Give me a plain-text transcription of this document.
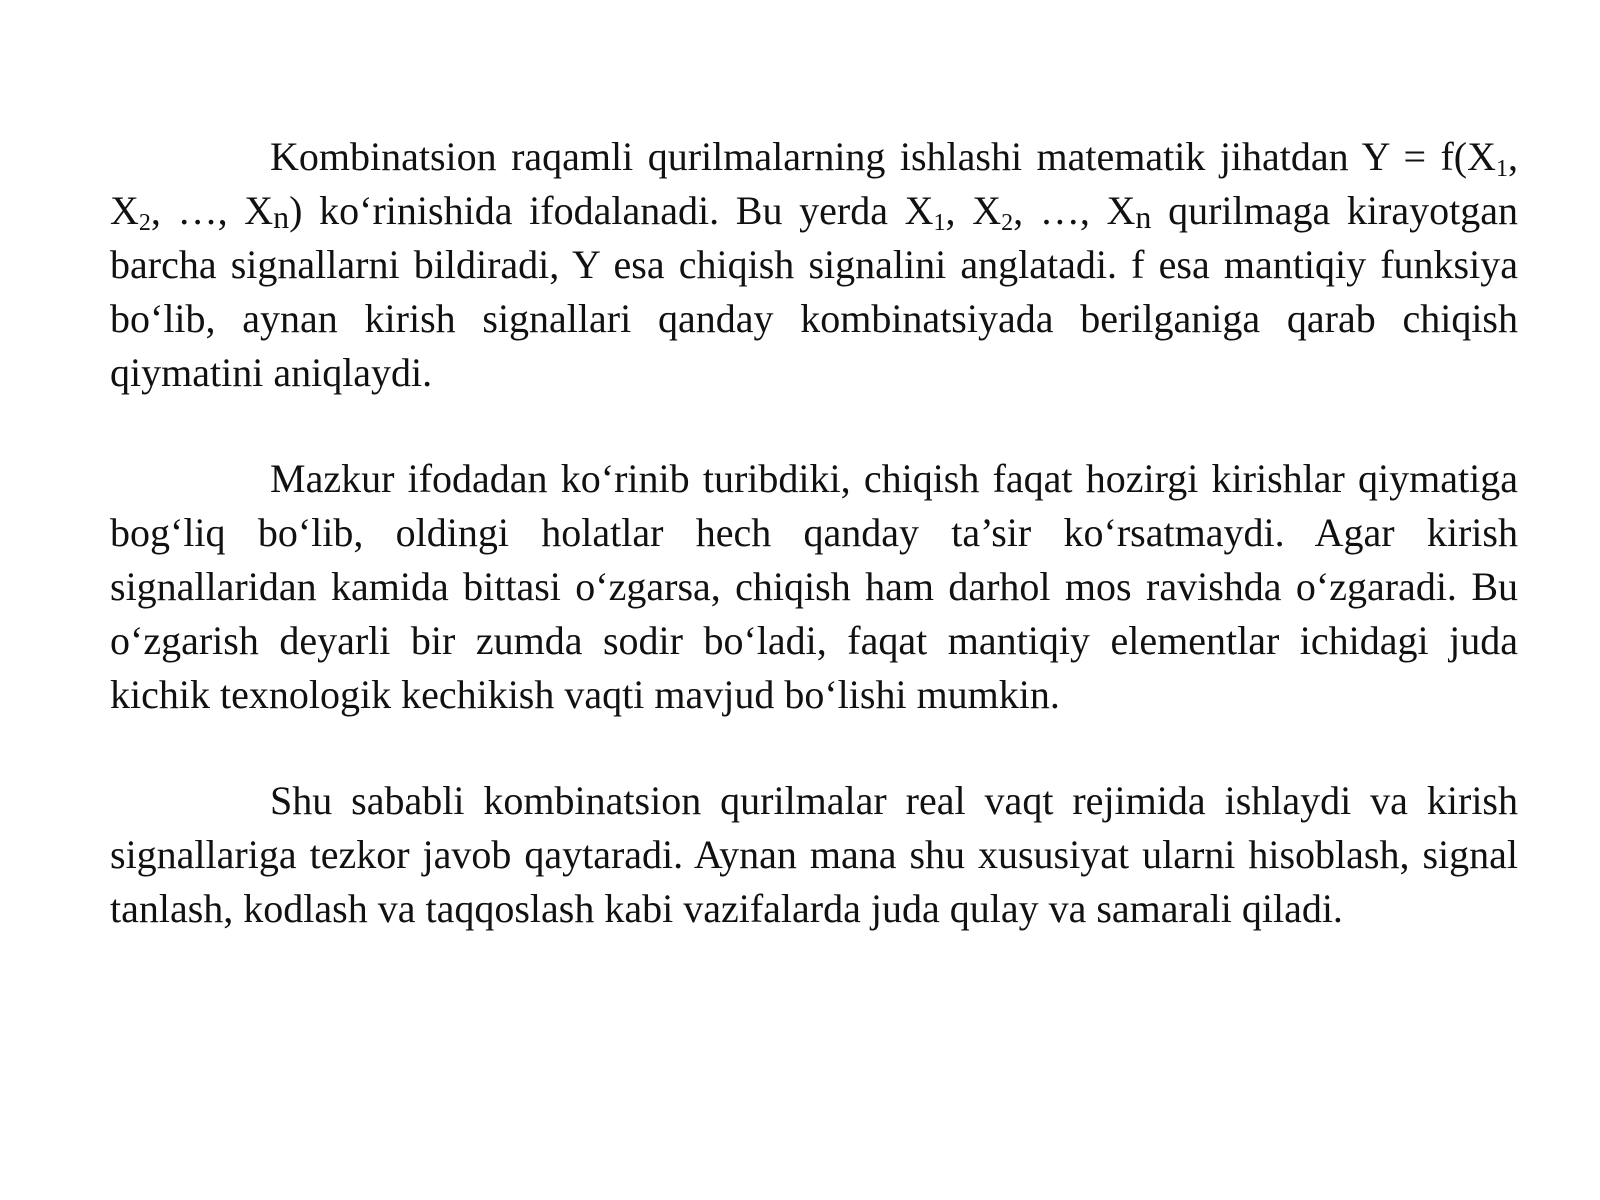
Kombinatsion raqamli qurilmalarning ishlashi matematik jihatdan $Y = f(X_1$, $X_2$, …, Xn) ko‘rinishida ifodalanadi. Bu yerda $X_1$, $X_2$, …, Xn qurilmaga kirayotgan barcha signallarni bildiradi, Y esa chiqish signalini anglatadi. f esa mantiqiy funksiya bo‘lib, aynan kirish signallari qanday kombinatsiyada berilganiga qarab chiqish qiymatini aniqlaydi.

Mazkur ifodadan ko‘rinib turibdiki, chiqish faqat hozirgi kirishlar qiymatiga bog‘liq bo‘lib, oldingi holatlar hech qanday ta’sir ko‘rsatmaydi. Agar kirish signallaridan kamida bittasi o‘zgarsa, chiqish ham darhol mos ravishda o‘zgaradi. Bu o‘zgarish deyarli bir zumda sodir bo‘ladi, faqat mantiqiy elementlar ichidagi juda kichik texnologik kechikish vaqti mavjud bo‘lishi mumkin.

Shu sababli kombinatsion qurilmalar real vaqt rejimida ishlaydi va kirish signallariga tezkor javob qaytaradi. Aynan mana shu xususiyat ularni hisoblash, signal tanlash, kodlash va taqqoslash kabi vazifalarda juda qulay va samarali qiladi.
